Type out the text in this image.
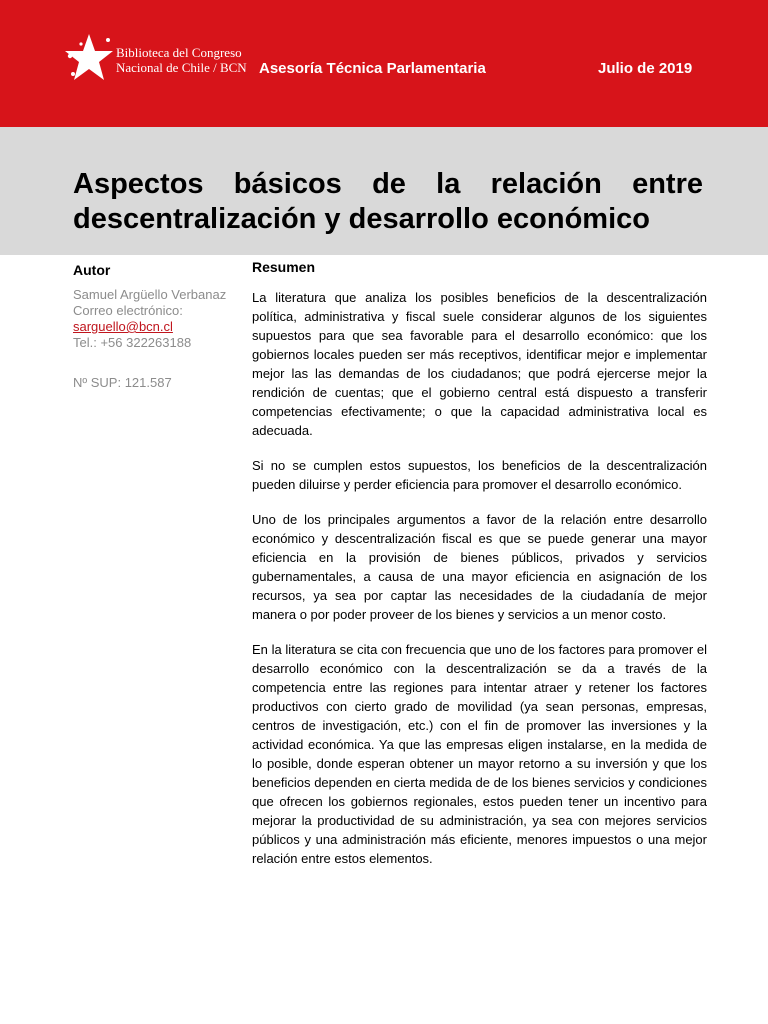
Biblioteca del Congreso
Nacional de Chile / BCN Asesoría Técnica Parlamentaria	Julio de 2019
Aspectos básicos de la relación entre descentralización y desarrollo económico
Autor
Samuel Argüello Verbanaz
Correo electrónico:
sarguello@bcn.cl
Tel.: +56 322263188
Nº SUP: 121.587
Resumen

La literatura que analiza los posibles beneficios de la descentralización política, administrativa y fiscal suele considerar algunos de los siguientes supuestos para que sea favorable para el desarrollo económico: que los gobiernos locales pueden ser más receptivos, identificar mejor e implementar mejor las las demandas de los ciudadanos; que podrá ejercerse mejor la rendición de cuentas; que el gobierno central está dispuesto a transferir competencias efectivamente; o que la capacidad administrativa local es adecuada.

Si no se cumplen estos supuestos, los beneficios de la descentralización pueden diluirse y perder eficiencia para promover el desarrollo económico.

Uno de los principales argumentos a favor de la relación entre desarrollo económico y descentralización fiscal es que se puede generar una mayor eficiencia en la provisión de bienes públicos, privados y servicios gubernamentales, a causa de una mayor eficiencia en asignación de los recursos, ya sea por captar las necesidades de la ciudadanía de mejor manera o por poder proveer de los bienes y servicios a un menor costo.

En la literatura se cita con frecuencia que uno de los factores para promover el desarrollo económico con la descentralización se da a través de la competencia entre las regiones para intentar atraer y retener los factores productivos con cierto grado de movilidad (ya sean personas, empresas, centros de investigación, etc.) con el fin de promover las inversiones y la actividad económica. Ya que las empresas eligen instalarse, en la medida de lo posible, donde esperan obtener un mayor retorno a su inversión y que los beneficios dependen en cierta medida de de los bienes servicios y condiciones que ofrecen los gobiernos regionales, estos pueden tener un incentivo para mejorar la productividad de su administración, ya sea con mejores servicios públicos y una administración más eficiente, menores impuestos o una mejor relación entre estos elementos.
